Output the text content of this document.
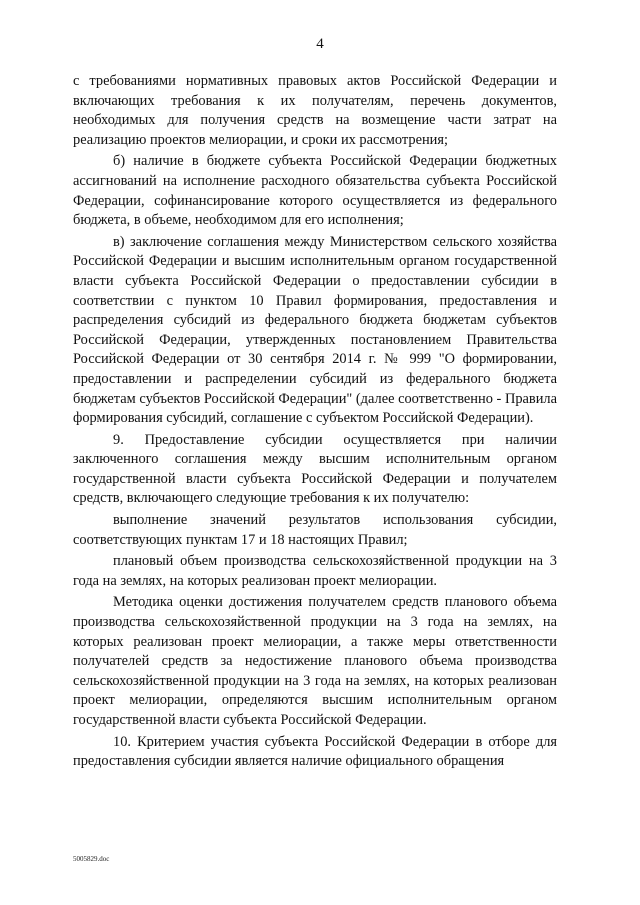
4

с требованиями нормативных правовых актов Российской Федерации и включающих требования к их получателям, перечень документов, необходимых для получения средств на возмещение части затрат на реализацию проектов мелиорации, и сроки их рассмотрения;

б) наличие в бюджете субъекта Российской Федерации бюджетных ассигнований на исполнение расходного обязательства субъекта Российской Федерации, софинансирование которого осуществляется из федерального бюджета, в объеме, необходимом для его исполнения;

в) заключение соглашения между Министерством сельского хозяйства Российской Федерации и высшим исполнительным органом государственной власти субъекта Российской Федерации о предоставлении субсидии в соответствии с пунктом 10 Правил формирования, предоставления и распределения субсидий из федерального бюджета бюджетам субъектов Российской Федерации, утвержденных постановлением Правительства Российской Федерации от 30 сентября 2014 г. № 999 "О формировании, предоставлении и распределении субсидий из федерального бюджета бюджетам субъектов Российской Федерации" (далее соответственно - Правила формирования субсидий, соглашение с субъектом Российской Федерации).

9. Предоставление субсидии осуществляется при наличии заключенного соглашения между высшим исполнительным органом государственной власти субъекта Российской Федерации и получателем средств, включающего следующие требования к их получателю:

выполнение значений результатов использования субсидии, соответствующих пунктам 17 и 18 настоящих Правил;

плановый объем производства сельскохозяйственной продукции на 3 года на землях, на которых реализован проект мелиорации.

Методика оценки достижения получателем средств планового объема производства сельскохозяйственной продукции на 3 года на землях, на которых реализован проект мелиорации, а также меры ответственности получателей средств за недостижение планового объема производства сельскохозяйственной продукции на 3 года на землях, на которых реализован проект мелиорации, определяются высшим исполнительным органом государственной власти субъекта Российской Федерации.

10. Критерием участия субъекта Российской Федерации в отборе для предоставления субсидии является наличие официального обращения

5005829.doc
